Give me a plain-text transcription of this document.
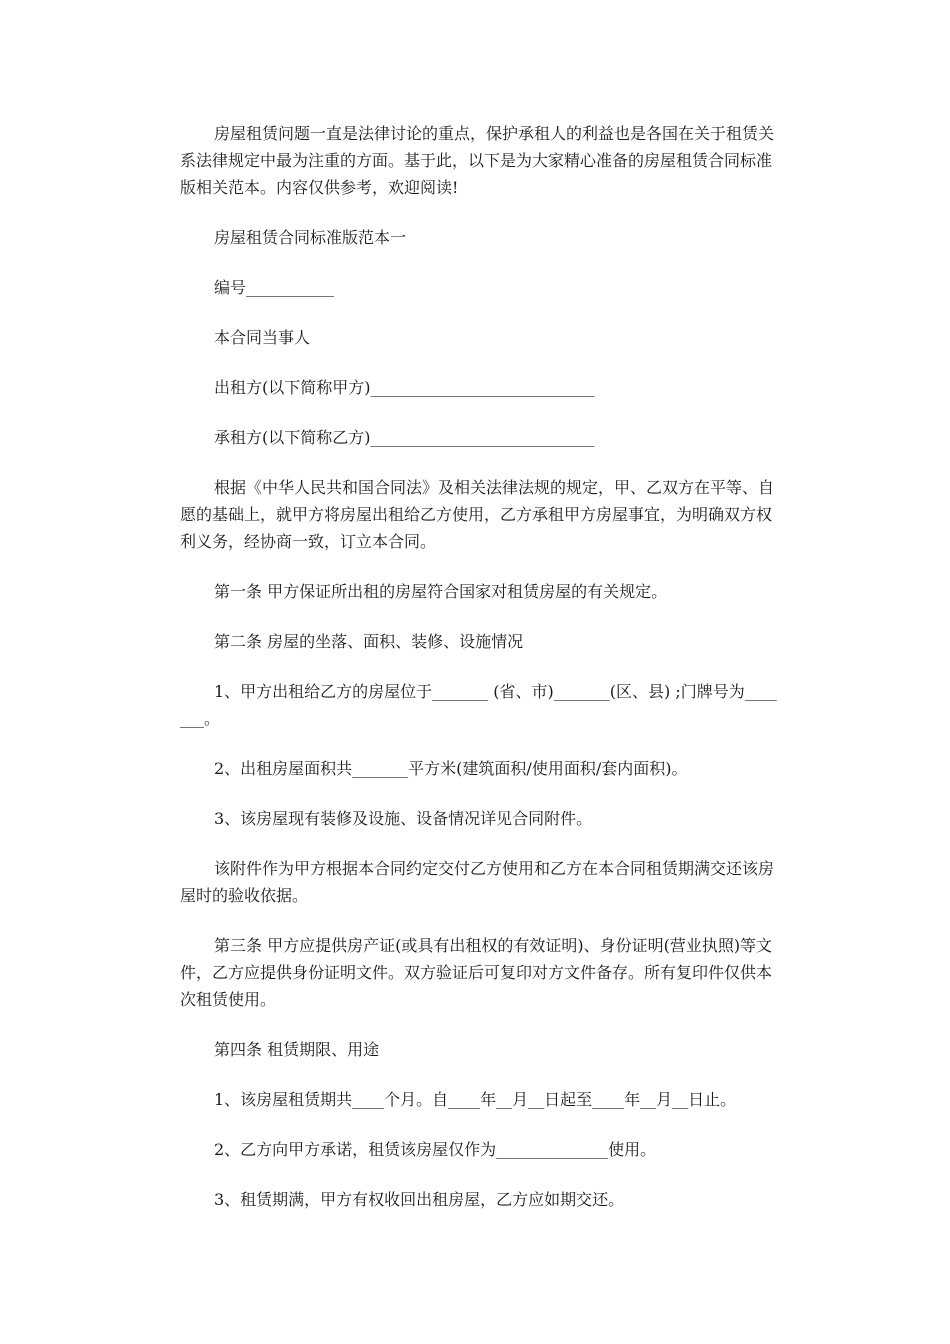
房屋租赁问题一直是法律讨论的重点，保护承租人的利益也是各国在关于租赁关系法律规定中最为注重的方面。基于此，以下是为大家精心准备的房屋租赁合同标准版相关范本。内容仅供参考，欢迎阅读!

房屋租赁合同标准版范本一

编号___________

本合同当事人

出租方(以下简称甲方)____________________________

承租方(以下简称乙方)____________________________

根据《中华人民共和国合同法》及相关法律法规的规定，甲、乙双方在平等、自愿的基础上，就甲方将房屋出租给乙方使用，乙方承租甲方房屋事宜，为明确双方权利义务，经协商一致，订立本合同。

第一条 甲方保证所出租的房屋符合国家对租赁房屋的有关规定。

第二条 房屋的坐落、面积、装修、设施情况

1、甲方出租给乙方的房屋位于_______ (省、市)_______(区、县) ;门牌号为_______。

2、出租房屋面积共_______平方米(建筑面积/使用面积/套内面积)。

3、该房屋现有装修及设施、设备情况详见合同附件。

该附件作为甲方根据本合同约定交付乙方使用和乙方在本合同租赁期满交还该房屋时的验收依据。

第三条 甲方应提供房产证(或具有出租权的有效证明)、身份证明(营业执照)等文件，乙方应提供身份证明文件。双方验证后可复印对方文件备存。所有复印件仅供本次租赁使用。

第四条 租赁期限、用途

1、该房屋租赁期共____个月。自____年__月__日起至____年__月__日止。

2、乙方向甲方承诺，租赁该房屋仅作为______________使用。

3、租赁期满，甲方有权收回出租房屋，乙方应如期交还。
